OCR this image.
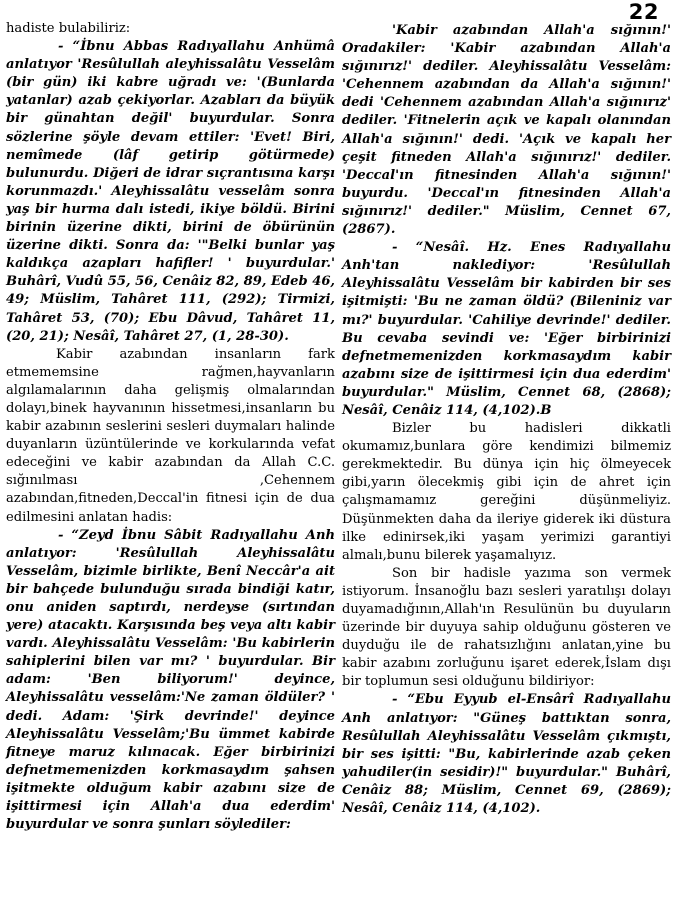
22

hadiste bulabiliriz:

- “İbnu Abbas Radıyallahu Anhümâ anlatıyor 'Resûlullah aleyhissalâtu Vesselâm (bir gün) iki kabre uğradı ve: '(Bunlarda yatanlar) azab çekiyorlar. Azabları da büyük bir günahtan değil' buyurdular. Sonra sözlerine şöyle devam ettiler: 'Evet! Biri, nemîmede (lâf getirip götürmede) bulunurdu. Diğeri de idrar sıçrantısına karşı korunmazdı.' Aleyhissalâtu vesselâm sonra yaş bir hurma dalı istedi, ikiye böldü. Birini birinin üzerine dikti, birini de öbürünün üzerine dikti. Sonra da: '"Belki bunlar yaş kaldıkça azapları hafifler! ' buyurdular.' Buhârî, Vudû 55, 56, Cenâiz 82, 89, Edeb 46, 49; Müslim, Tahâret 111, (292); Tirmizi, Tahâret 53, (70); Ebu Dâvud, Tahâret 11, (20, 21); Nesâî, Tahâret 27, (1, 28-30).

Kabir azabından insanların fark etmememsine rağmen,hayvanların algılamalarının daha gelişmiş olmalarından dolayı,binek hayvanının hissetmesi,insanların bu kabir azabının seslerini sesleri duymaları halinde duyanların üzüntülerinde ve korkularında vefat edeceğini ve kabir azabından da Allah C.C. sığınılması ,Cehennem azabından,fitneden,Deccal'in fitnesi için de dua edilmesini anlatan hadis:

- “Zeyd İbnu Sâbit Radıyallahu Anh anlatıyor: 'Resûlullah Aleyhissalâtu Vesselâm, bizimle birlikte, Benî Neccâr'a ait bir bahçede bulunduğu sırada bindiği katır, onu aniden saptırdı, nerdeyse (sırtından yere) atacaktı. Karşısında beş veya altı kabir vardı. Aleyhissalâtu Vesselâm: 'Bu kabirlerin sahiplerini bilen var mı? ' buyurdular. Bir adam: 'Ben biliyorum!' deyince, Aleyhissalâtu vesselâm:'Ne zaman öldüler? ' dedi. Adam: 'Şirk devrinde!' deyince Aleyhissalâtu Vesselâm;'Bu ümmet kabirde fitneye maruz kılınacak. Eğer birbirinizi defnetmemenizden korkmasaydım şahsen işitmekte olduğum kabir azabını size de işittirmesi için Allah'a dua ederdim' buyurdular ve sonra şunları söylediler:

'Kabir azabından Allah'a sığının!' Oradakiler: 'Kabir azabından Allah'a sığınırız!' dediler. Aleyhissalâtu Vesselâm: 'Cehennem azabından da Allah'a sığının!' dedi 'Cehennem azabından Allah'a sığınırız' dediler. 'Fitnelerin açık ve kapalı olanından Allah'a sığının!' dedi. 'Açık ve kapalı her çeşit fitneden Allah'a sığınırız!' dediler. 'Deccal'ın fitnesinden Allah'a sığının!' buyurdu. 'Deccal'ın fitnesinden Allah'a sığınırız!' dediler." Müslim, Cennet 67, (2867).

- “Nesâî. Hz. Enes Radıyallahu Anh'tan naklediyor: 'Resûlullah Aleyhissalâtu Vesselâm bir kabirden bir ses işitmişti: 'Bu ne zaman öldü? (Bileniniz var mı?' buyurdular. 'Cahiliye devrinde!' dediler. Bu cevaba sevindi ve: 'Eğer birbirinizi defnetmemenizden korkmasaydım kabir azabını size de işittirmesi için dua ederdim' buyurdular." Müslim, Cennet 68, (2868); Nesâî, Cenâiz 114, (4,102).B

Bizler bu hadisleri dikkatli okumamız,bunlara göre kendimizi bilmemiz gerekmektedir. Bu dünya için hiç ölmeyecek gibi,yarın ölecekmiş gibi için de ahret için çalışmamamız gereğini düşünmeliyiz. Düşünmekten daha da ileriye giderek iki düstura ilke edinirsek,iki yaşam yerimizi garantiyi almalı,bunu bilerek yaşamalıyız.

Son bir hadisle yazıma son vermek istiyorum. İnsanoğlu bazı sesleri yaratılışı dolayı duyamadığının,Allah'ın Resulünün bu duyuların üzerinde bir duyuya sahip olduğunu gösteren ve duyduğu ile de rahatsızlığını anlatan,yine bu kabir azabını zorluğunu işaret ederek,İslam dışı bir toplumun sesi olduğunu bildiriyor:

- “Ebu Eyyub el-Ensârî Radıyallahu Anh anlatıyor: "Güneş battıktan sonra, Resûlullah Aleyhissalâtu Vesselâm çıkmıştı, bir ses işitti: "Bu, kabirlerinde azab çeken yahudiler(in sesidir)!" buyurdular." Buhârî, Cenâiz 88; Müslim, Cennet 69, (2869); Nesâî, Cenâiz 114, (4,102).
